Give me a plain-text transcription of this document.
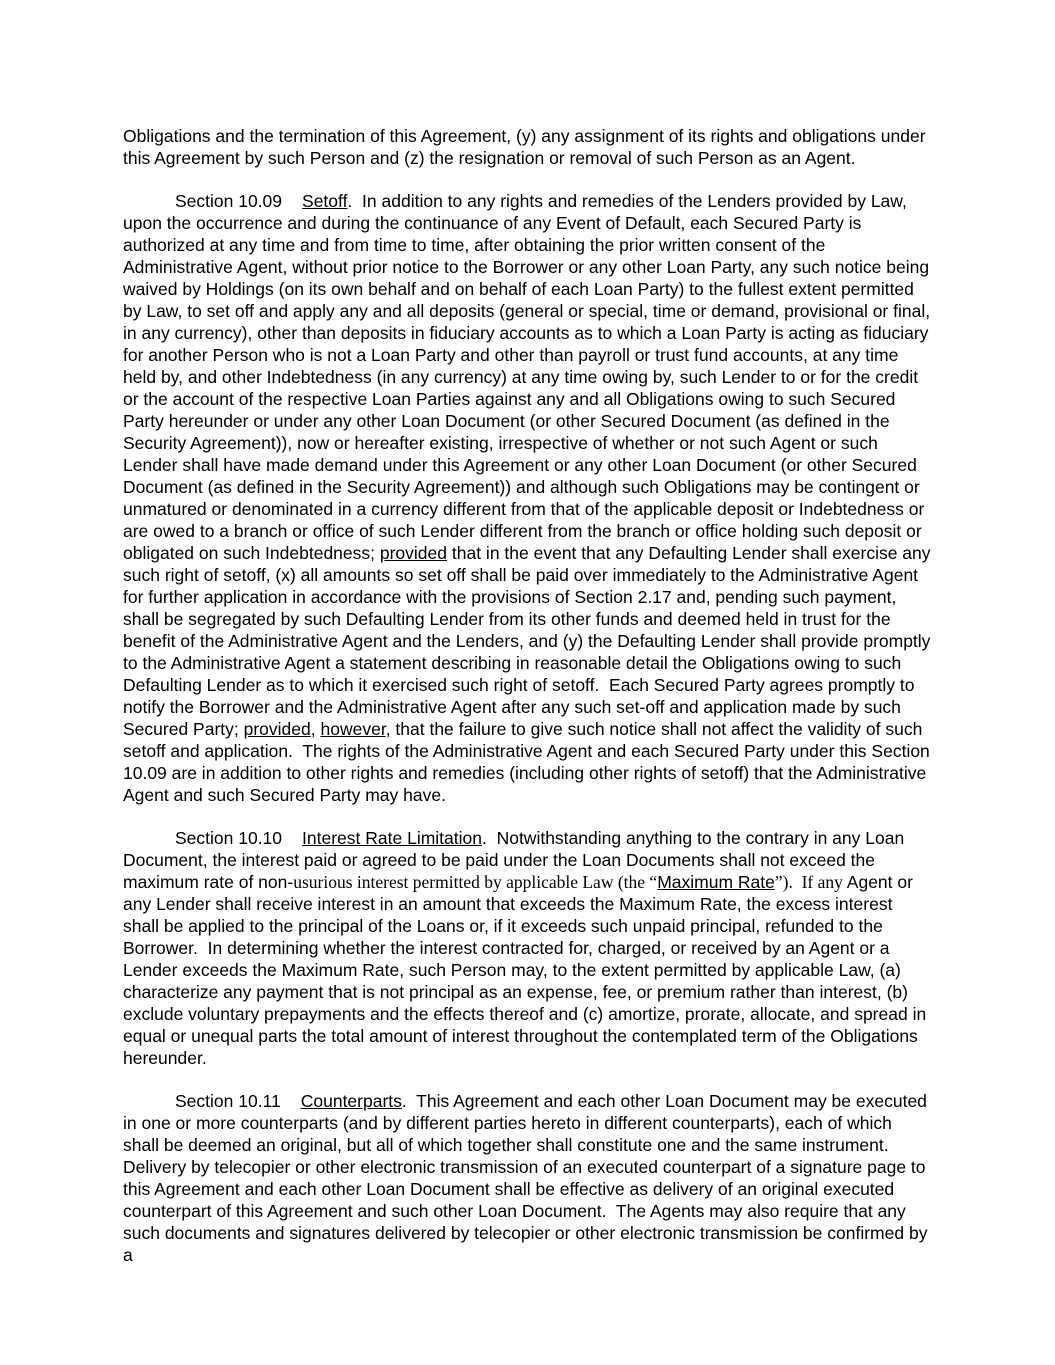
Obligations and the termination of this Agreement, (y) any assignment of its rights and obligations under this Agreement by such Person and (z) the resignation or removal of such Person as an Agent.

Section 10.09 Setoff.  In addition to any rights and remedies of the Lenders provided by Law, upon the occurrence and during the continuance of any Event of Default, each Secured Party is authorized at any time and from time to time, after obtaining the prior written consent of the Administrative Agent, without prior notice to the Borrower or any other Loan Party, any such notice being waived by Holdings (on its own behalf and on behalf of each Loan Party) to the fullest extent permitted by Law, to set off and apply any and all deposits (general or special, time or demand, provisional or final, in any currency), other than deposits in fiduciary accounts as to which a Loan Party is acting as fiduciary for another Person who is not a Loan Party and other than payroll or trust fund accounts, at any time held by, and other Indebtedness (in any currency) at any time owing by, such Lender to or for the credit or the account of the respective Loan Parties against any and all Obligations owing to such Secured Party hereunder or under any other Loan Document (or other Secured Document (as defined in the Security Agreement)), now or hereafter existing, irrespective of whether or not such Agent or such Lender shall have made demand under this Agreement or any other Loan Document (or other Secured Document (as defined in the Security Agreement)) and although such Obligations may be contingent or unmatured or denominated in a currency different from that of the applicable deposit or Indebtedness or are owed to a branch or office of such Lender different from the branch or office holding such deposit or obligated on such Indebtedness; provided that in the event that any Defaulting Lender shall exercise any such right of setoff, (x) all amounts so set off shall be paid over immediately to the Administrative Agent for further application in accordance with the provisions of Section 2.17 and, pending such payment, shall be segregated by such Defaulting Lender from its other funds and deemed held in trust for the benefit of the Administrative Agent and the Lenders, and (y) the Defaulting Lender shall provide promptly to the Administrative Agent a statement describing in reasonable detail the Obligations owing to such Defaulting Lender as to which it exercised such right of setoff.  Each Secured Party agrees promptly to notify the Borrower and the Administrative Agent after any such set-off and application made by such Secured Party; provided, however, that the failure to give such notice shall not affect the validity of such setoff and application.  The rights of the Administrative Agent and each Secured Party under this Section 10.09 are in addition to other rights and remedies (including other rights of setoff) that the Administrative Agent and such Secured Party may have.

Section 10.10 Interest Rate Limitation.  Notwithstanding anything to the contrary in any Loan Document, the interest paid or agreed to be paid under the Loan Documents shall not exceed the maximum rate of non-usurious interest permitted by applicable Law (the “Maximum Rate”).  If any Agent or any Lender shall receive interest in an amount that exceeds the Maximum Rate, the excess interest shall be applied to the principal of the Loans or, if it exceeds such unpaid principal, refunded to the Borrower.  In determining whether the interest contracted for, charged, or received by an Agent or a Lender exceeds the Maximum Rate, such Person may, to the extent permitted by applicable Law, (a) characterize any payment that is not principal as an expense, fee, or premium rather than interest, (b) exclude voluntary prepayments and the effects thereof and (c) amortize, prorate, allocate, and spread in equal or unequal parts the total amount of interest throughout the contemplated term of the Obligations hereunder.

Section 10.11 Counterparts.  This Agreement and each other Loan Document may be executed in one or more counterparts (and by different parties hereto in different counterparts), each of which shall be deemed an original, but all of which together shall constitute one and the same instrument.  Delivery by telecopier or other electronic transmission of an executed counterpart of a signature page to this Agreement and each other Loan Document shall be effective as delivery of an original executed counterpart of this Agreement and such other Loan Document.  The Agents may also require that any such documents and signatures delivered by telecopier or other electronic transmission be confirmed by a
